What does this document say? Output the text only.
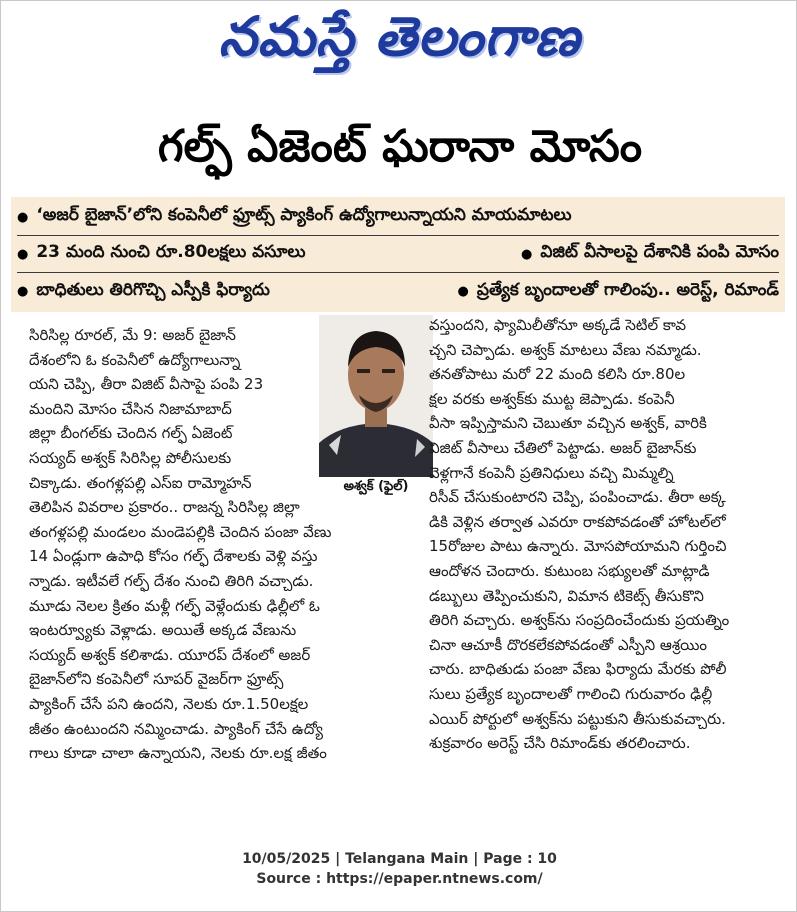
నమస్తే తెలంగాణ
గల్ఫ్ ఏజెంట్ ఘరానా మోసం
● ‘అజర్ బైజాన్’లోని కంపెనీలో ఫ్రూట్స్ ప్యాకింగ్ ఉద్యోగాలున్నాయని మాయమాటలు
● 23 మంది నుంచి రూ.80లక్షలు వసూలు	● విజిట్ వీసాలపై దేశానికి పంపి మోసం
● బాధితులు తిరిగొచ్చి ఎస్పీకి ఫిర్యాదు	● ప్రత్యేక బృందాలతో గాలింపు.. అరెస్ట్, రిమాండ్
సిరిసిల్ల రూరల్, మే 9: అజర్ బైజాన్
దేశంలోని ఓ కంపెనీలో ఉద్యోగాలున్నా
యని చెప్పి, తీరా విజిట్ వీసాపై పంపి 23
మందిని మోసం చేసిన నిజామాబాద్
జిల్లా బీంగల్‌కు చెందిన గల్ఫ్ ఏజెంట్
సయ్యద్ అశ్వక్ సిరిసిల్ల పోలీసులకు
చిక్కాడు. తంగళ్లపల్లి ఎస్ఐ రామ్మోహన్
తెలిపిన వివరాల ప్రకారం.. రాజన్న సిరిసిల్ల జిల్లా
తంగళ్లపల్లి మండలం మండెపల్లికి చెందిన పంజా వేణు
14 ఏండ్లుగా ఉపాధి కోసం గల్ఫ్ దేశాలకు వెళ్లి వస్తు
న్నాడు. ఇటీవలే గల్ఫ్ దేశం నుంచి తిరిగి వచ్చాడు.
మూడు నెలల క్రితం మళ్లీ గల్ఫ్ వెళ్లేందుకు ఢిల్లీలో ఓ
ఇంటర్వ్యూకు వెళ్లాడు. అయితే అక్కడ వేణును
సయ్యద్ అశ్వక్ కలిశాడు. యూరప్ దేశంలో అజర్
బైజాన్‌లోని కంపెనీలో సూపర్ వైజర్‌గా ఫ్రూట్స్
ప్యాకింగ్ చేసే పని ఉందని, నెలకు రూ.1.50లక్షల
జీతం ఉంటుందని నమ్మించాడు. ప్యాకింగ్ చేసే ఉద్యో
గాలు కూడా చాలా ఉన్నాయని, నెలకు రూ.లక్ష జీతం
అశ్వక్ (ఫైల్)
వస్తుందని, ఫ్యామిలీతోనూ అక్కడే సెటిల్ కావ
చ్చని చెప్పాడు. అశ్వక్ మాటలు వేణు నమ్మాడు.
తనతోపాటు మరో 22 మంది కలిసి రూ.80ల
క్షల వరకు అశ్వక్‌కు ముట్ట జెప్పాడు. కంపెనీ
వీసా ఇప్పిస్తామని చెబుతూ వచ్చిన అశ్వక్, వారికి
విజిట్ వీసాలు చేతిలో పెట్టాడు. అజర్ బైజాన్‌కు
వెళ్లగానే కంపెనీ ప్రతినిధులు వచ్చి మిమ్మల్ని
రిసీవ్ చేసుకుంటారని చెప్పి, పంపించాడు. తీరా అక్క
డికి వెళ్లిన తర్వాత ఎవరూ రాకపోవడంతో హోటల్‌లో
15రోజుల పాటు ఉన్నారు. మోసపోయామని గుర్తించి
ఆందోళన చెందారు. కుటుంబ సభ్యులతో మాట్లాడి
డబ్బులు తెప్పించుకుని, విమాన టికెట్స్ తీసుకొని
తిరిగి వచ్చారు. అశ్వక్‌ను సంప్రదించేందుకు ప్రయత్నిం
చినా ఆచూకీ దొరకలేకపోవడంతో ఎస్పీని ఆశ్రయిం
చారు. బాధితుడు పంజా వేణు ఫిర్యాదు మేరకు పోలీ
సులు ప్రత్యేక బృందాలతో గాలించి గురువారం ఢిల్లీ
ఎయిర్ పోర్టులో అశ్వక్‌ను పట్టుకుని తీసుకువచ్చారు.
శుక్రవారం అరెస్ట్ చేసి రిమాండ్‌కు తరలించారు.
10/05/2025 | Telangana Main | Page : 10
Source : https://epaper.ntnews.com/
